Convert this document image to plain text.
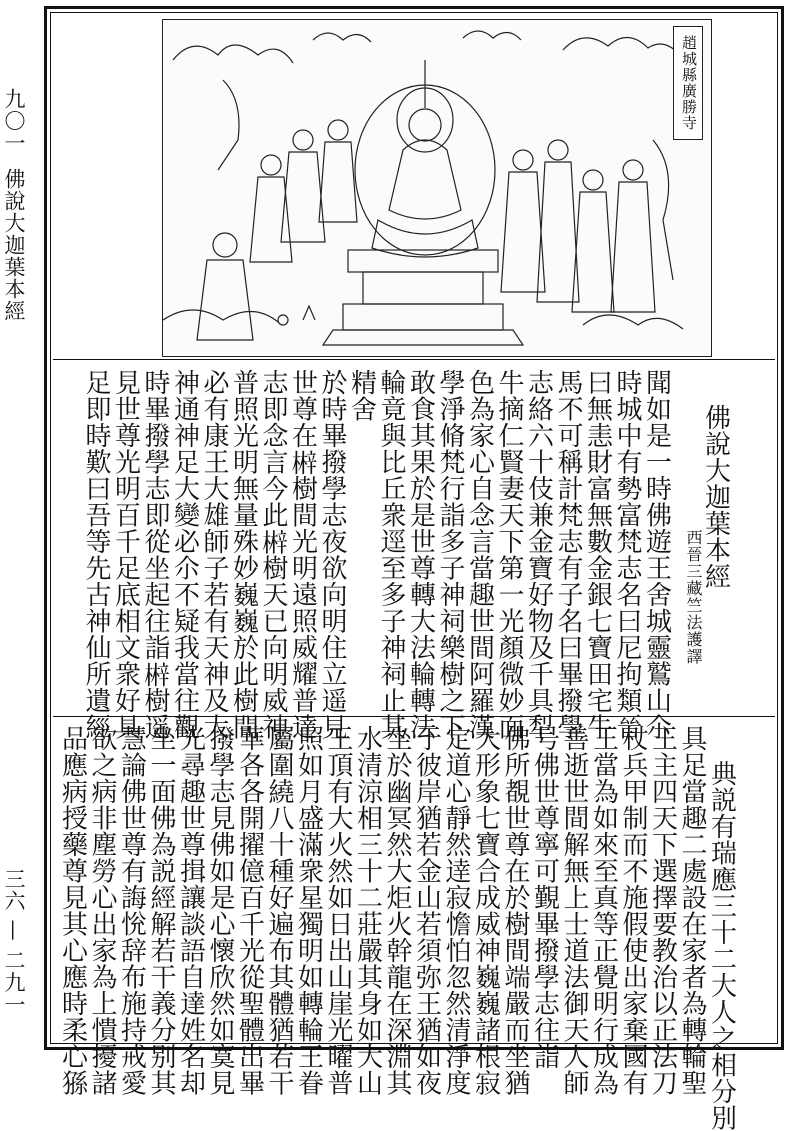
九〇一
佛說大迦葉本經
三六 — 二九一
趙城縣廣勝寺

佛說大迦葉本經

聞如是一時佛遊王舍城靈鷲山尒
時城中有勢富梵志名曰尼拘類晉
曰無恚財富無數金銀七寶田宅牛
馬不可稱計梵志有子名曰畢撥學
志絡六十伎兼金寶好物及千具犁
牛摘仁賢妻天下第一光顏微妙面
色為家心自念言當趣世間阿羅漢
學淨脩梵行詣多子神祠樂樹之下
敢食其果於是世尊轉大法輪轉法
輪竟與比丘衆逕至多子神祠止其
精舍
於時畢撥學志夜欲向明住立遥見
世尊在𣘲樹間光明遠照威耀普達
志即念言今此𣘲樹天已向明威神
普照光明無量殊妙巍巍於此樹間
必有康王大雄師子若有天神及大
神通神足大變必尒不疑我當往觀
時畢撥學志即從坐起往詣𣘲樹遥
見世尊光明百千足底相文衆好具
足即時歎曰吾等先古神仙所遺經
	西晉三藏竺法護譯

典説有瑞應三十二大人之相分別
具足當趣二處設在家者為轉輪聖
王主四天下選擇要教治以正法刀
杖兵甲制而不施假使出家棄國有
王當為如來至真等正覺明行成為
善逝世間解無上士道法御天人師
号佛世尊寧可覲畢撥學志往詣
佛所覩世尊在於樹間端嚴而坐猶
大形象七寶合成威神巍巍諸根寂
定道心靜然逹寂憺怕忽然清淨度
于彼岸猶若金山若須弥王猶如夜
坐於幽冥然大炬火幹龍在深淵其
水清涼相三十二莊嚴其身如大山
王頂有大火然如日出山崖光曜普
照如月盛滿衆星獨明如轉輪王眷
屬圍繞八十種好遍布其體猶若干
華各各開擢億百千光從聖體出畢
撥學志見佛如是心懷欣然如寞見
光尋趣世尊揖讓談語自達姓名却
坐一面佛為説經解若干義分别其
慧論佛世尊有誨恱辞布施持戒愛
欲之病非塵勞心出家為上憒擾諸
品應病授藥尊見其心應時柔心猻
